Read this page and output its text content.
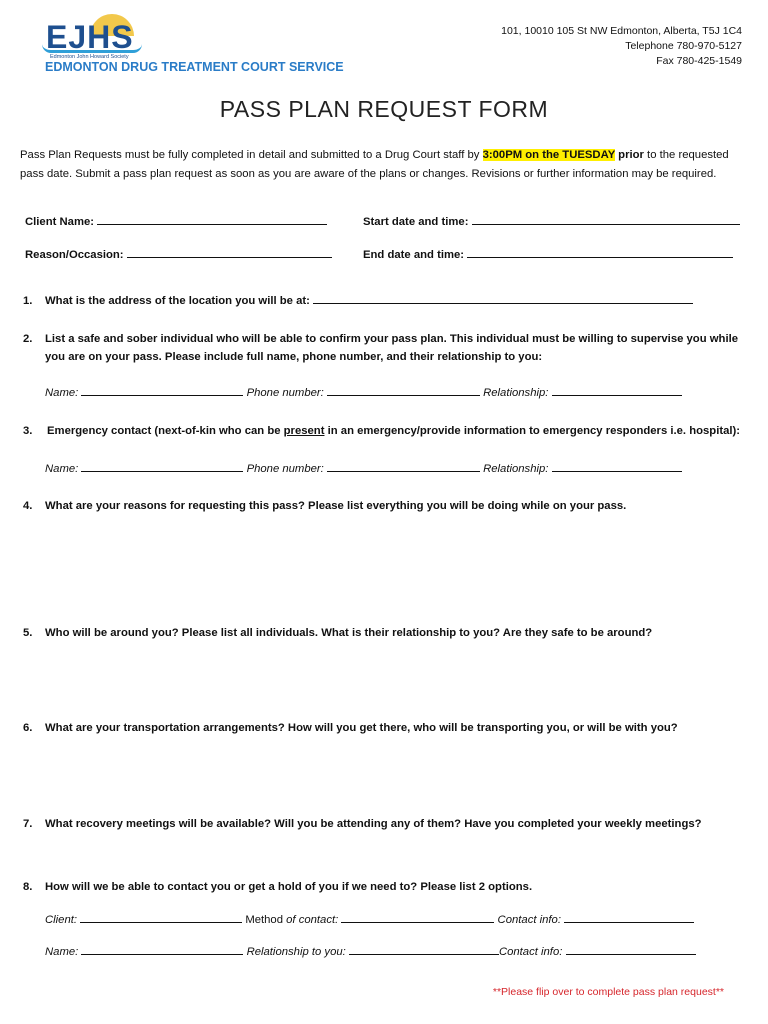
EJHS
Edmonton John Howard Society
EDMONTON DRUG TREATMENT COURT SERVICE
101, 10010 105 St NW Edmonton, Alberta, T5J 1C4
Telephone 780-970-5127
Fax 780-425-1549
PASS PLAN REQUEST FORM
Pass Plan Requests must be fully completed in detail and submitted to a Drug Court staff by 3:00PM on the TUESDAY prior to the requested pass date. Submit a pass plan request as soon as you are aware of the plans or changes. Revisions or further information may be required.
Client Name:	Start date and time:
Reason/Occasion:	End date and time:
1. What is the address of the location you will be at:
2. List a safe and sober individual who will be able to confirm your pass plan. This individual must be willing to supervise you while
you are on your pass. Please include full name, phone number, and their relationship to you:
Name:	Phone number:	Relationship:
3. Emergency contact (next-of-kin who can be present in an emergency/provide information to emergency responders i.e. hospital):
Name:	Phone number:	Relationship:
4. What are your reasons for requesting this pass? Please list everything you will be doing while on your pass.
5. Who will be around you? Please list all individuals. What is their relationship to you? Are they safe to be around?
6. What are your transportation arrangements? How will you get there, who will be transporting you, or will be with you?
7. What recovery meetings will be available? Will you be attending any of them? Have you completed your weekly meetings?
8. How will we be able to contact you or get a hold of you if we need to? Please list 2 options.
Client:	Method of contact:	Contact info:
Name:	Relationship to you:	Contact info:
**Please flip over to complete pass plan request**
